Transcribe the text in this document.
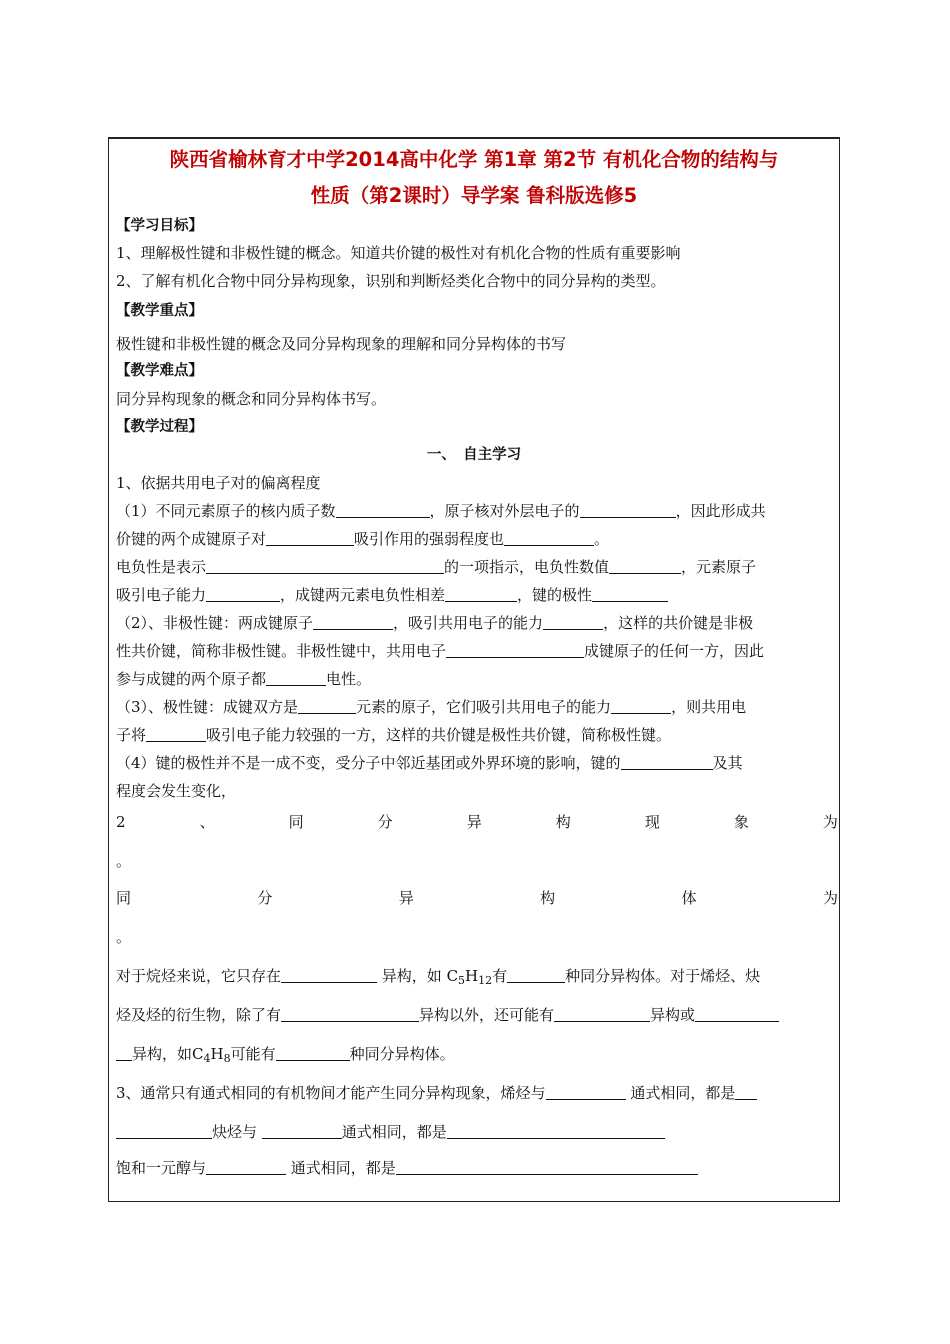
陕西省榆林育才中学2014高中化学 第1章 第2节 有机化合物的结构与
性质（第2课时）导学案 鲁科版选修5
【学习目标】
1、理解极性键和非极性键的概念。知道共价键的极性对有机化合物的性质有重要影响
2、了解有机化合物中同分异构现象，识别和判断烃类化合物中的同分异构的类型。
【教学重点】
极性键和非极性键的概念及同分异构现象的理解和同分异构体的书写
【教学难点】
同分异构现象的概念和同分异构体书写。
【教学过程】
一、　自主学习
1、依据共用电子对的偏离程度
（1）不同元素原子的核内质子数	，原子核对外层电子的	，因此形成共
价键的两个成键原子对	吸引作用的强弱程度也	。
电负性是表示	的一项指示，电负性数值	，元素原子
吸引电子能力	，成键两元素电负性相差	，键的极性
（2）、非极性键：两成键原子	，吸引共用电子的能力	，这样的共价键是非极
性共价键，简称非极性键。非极性键中，共用电子	成键原子的任何一方，因此
参与成键的两个原子都	电性。
（3）、极性键：成键双方是	元素的原子，它们吸引共用电子的能力	，则共用电
子将	吸引电子能力较强的一方，这样的共价键是极性共价键，简称极性键。
（4）键的极性并不是一成不变，受分子中邻近基团或外界环境的影响，键的	及其
程度会发生变化，
2	、	同	分	异	构	现	象	为
。
同	分	异	构	体	为
。
对于烷烃来说，它只存在	异构，如 $C_5H_{12}$有	种同分异构体。对于烯烃、炔
烃及烃的衍生物，除了有	异构以外，还可能有	异构或
异构，如$C_4H_8$可能有	种同分异构体。
3、通常只有通式相同的有机物间才能产生同分异构现象，烯烃与	通式相同，都是
炔烃与	通式相同，都是
饱和一元醇与	通式相同，都是
